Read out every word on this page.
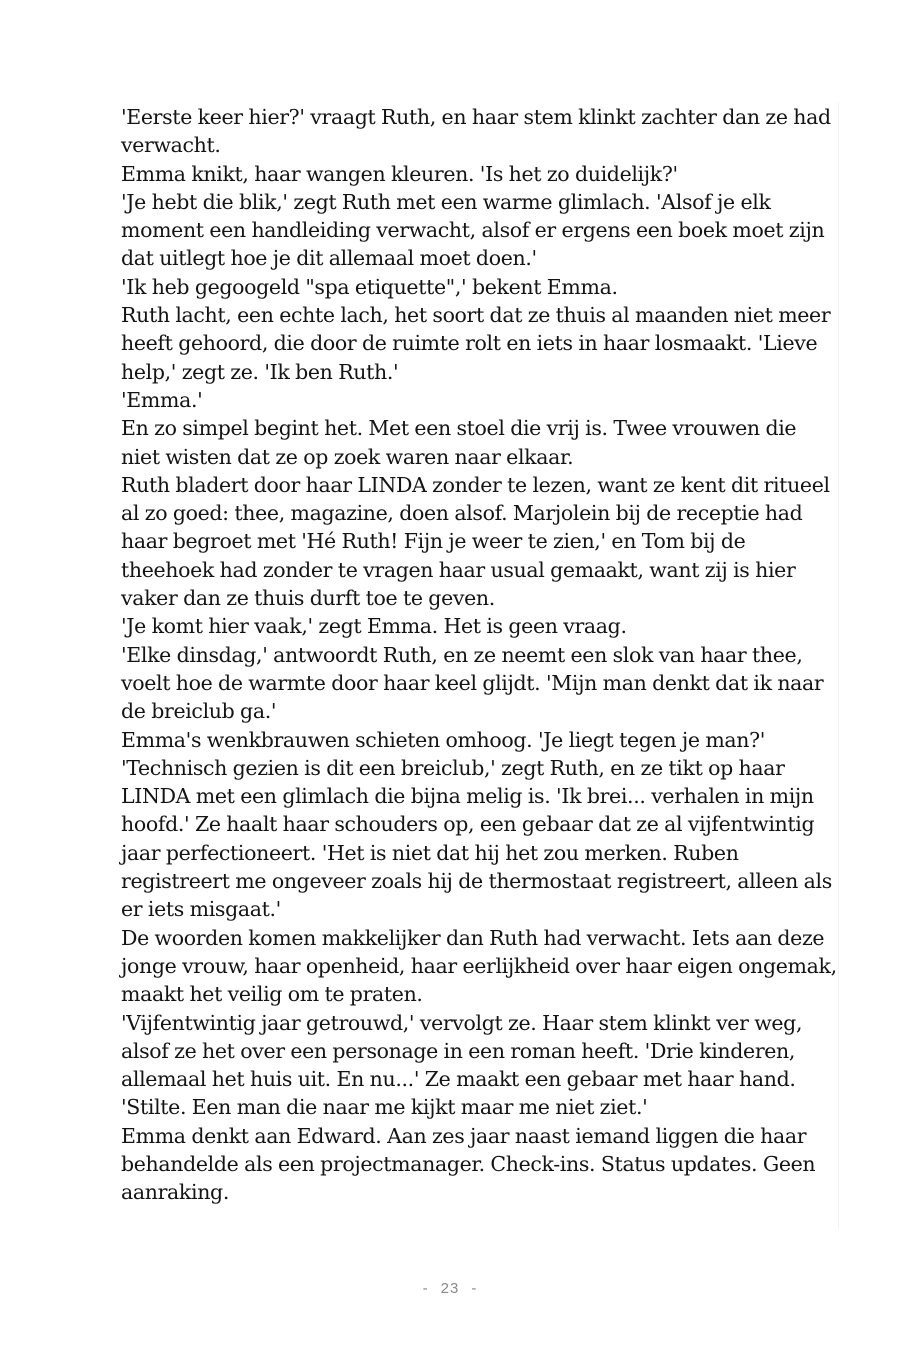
'Eerste keer hier?' vraagt Ruth, en haar stem klinkt zachter dan ze had verwacht.

Emma knikt, haar wangen kleuren. 'Is het zo duidelijk?'

'Je hebt die blik,' zegt Ruth met een warme glimlach. 'Alsof je elk moment een handleiding verwacht, alsof er ergens een boek moet zijn dat uitlegt hoe je dit allemaal moet doen.'

'Ik heb gegoogeld "spa etiquette",' bekent Emma.

Ruth lacht, een echte lach, het soort dat ze thuis al maanden niet meer heeft gehoord, die door de ruimte rolt en iets in haar losmaakt. 'Lieve help,' zegt ze. 'Ik ben Ruth.'

'Emma.'

En zo simpel begint het. Met een stoel die vrij is. Twee vrouwen die niet wisten dat ze op zoek waren naar elkaar.

Ruth bladert door haar LINDA zonder te lezen, want ze kent dit ritueel al zo goed: thee, magazine, doen alsof. Marjolein bij de receptie had haar begroet met 'Hé Ruth! Fijn je weer te zien,' en Tom bij de theehoek had zonder te vragen haar usual gemaakt, want zij is hier vaker dan ze thuis durft toe te geven.

'Je komt hier vaak,' zegt Emma. Het is geen vraag.

'Elke dinsdag,' antwoordt Ruth, en ze neemt een slok van haar thee, voelt hoe de warmte door haar keel glijdt. 'Mijn man denkt dat ik naar de breiclub ga.'

Emma's wenkbrauwen schieten omhoog. 'Je liegt tegen je man?'

'Technisch gezien is dit een breiclub,' zegt Ruth, en ze tikt op haar LINDA met een glimlach die bijna melig is. 'Ik brei... verhalen in mijn hoofd.' Ze haalt haar schouders op, een gebaar dat ze al vijfentwintig jaar perfectioneert. 'Het is niet dat hij het zou merken. Ruben registreert me ongeveer zoals hij de thermostaat registreert, alleen als er iets misgaat.'

De woorden komen makkelijker dan Ruth had verwacht. Iets aan deze jonge vrouw, haar openheid, haar eerlijkheid over haar eigen ongemak, maakt het veilig om te praten.

'Vijfentwintig jaar getrouwd,' vervolgt ze. Haar stem klinkt ver weg, alsof ze het over een personage in een roman heeft. 'Drie kinderen, allemaal het huis uit. En nu...' Ze maakt een gebaar met haar hand. 'Stilte. Een man die naar me kijkt maar me niet ziet.'

Emma denkt aan Edward. Aan zes jaar naast iemand liggen die haar behandelde als een projectmanager. Check-ins. Status updates. Geen aanraking.

- 23 -
